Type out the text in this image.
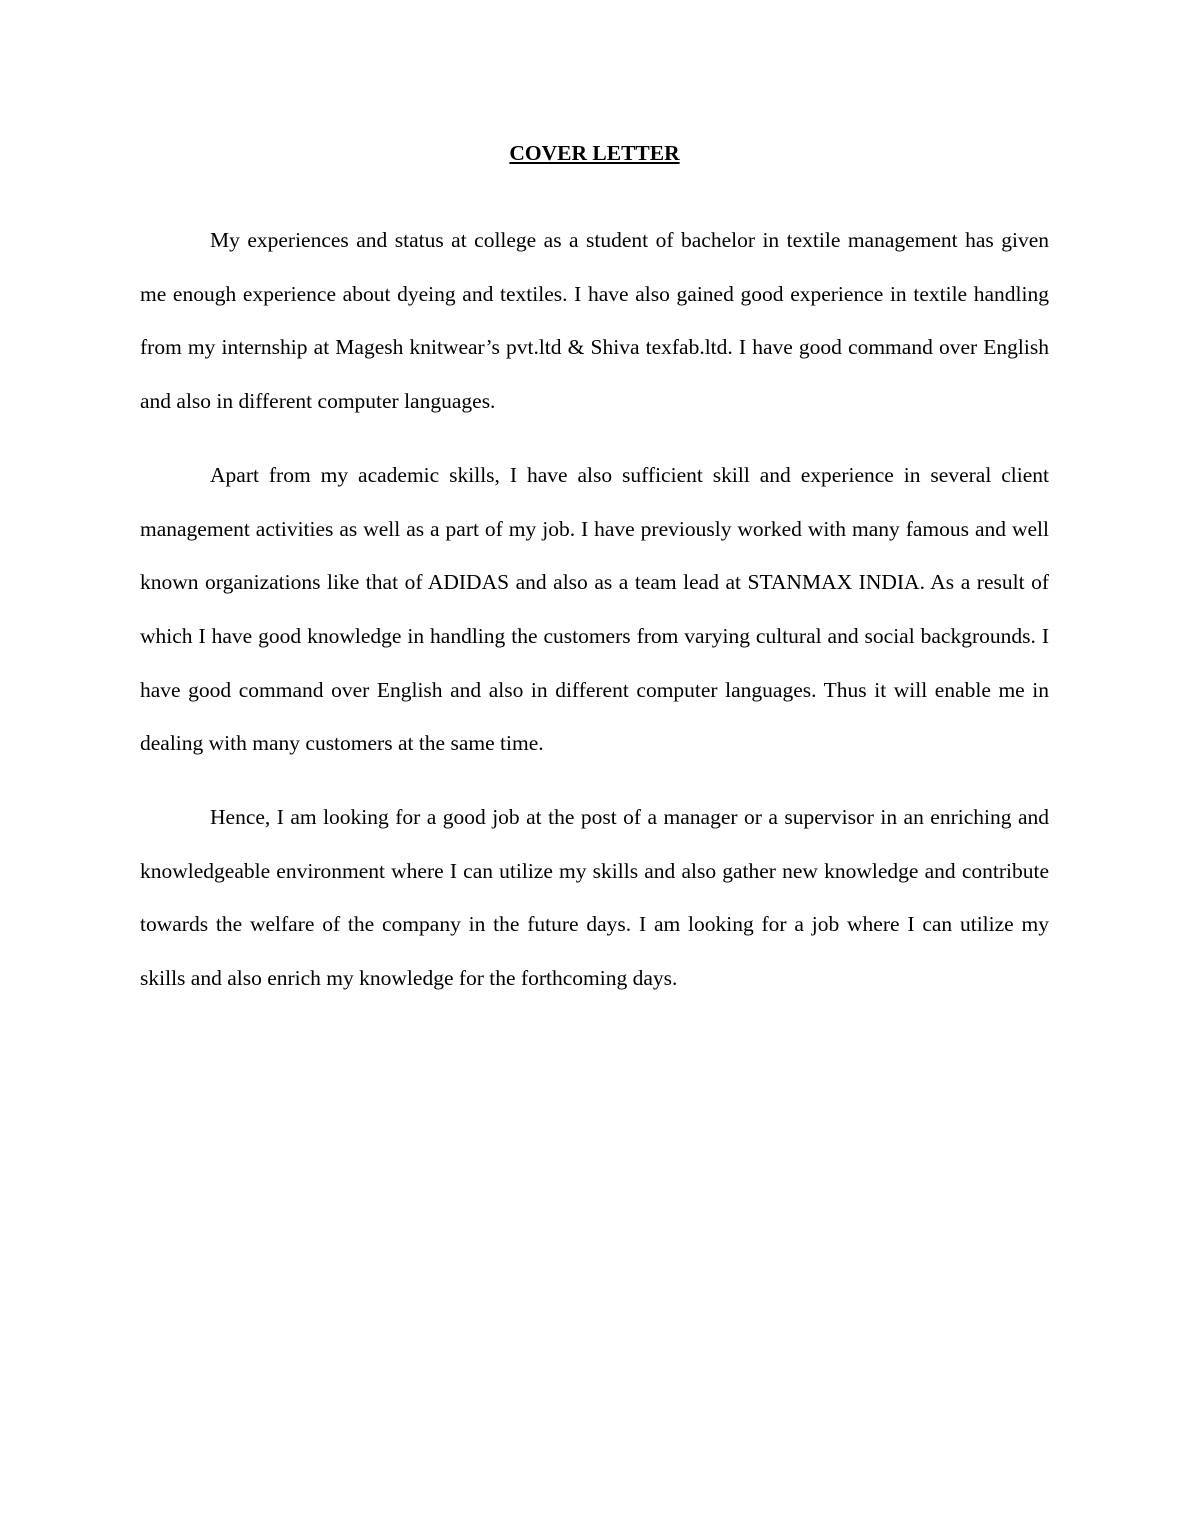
COVER LETTER

My experiences and status at college as a student of bachelor in textile management has given me enough experience about dyeing and textiles. I have also gained good experience in textile handling from my internship at Magesh knitwear’s pvt.ltd & Shiva texfab.ltd. I have good command over English and also in different computer languages.

Apart from my academic skills, I have also sufficient skill and experience in several client management activities as well as a part of my job. I have previously worked with many famous and well known organizations like that of ADIDAS and also as a team lead at STANMAX INDIA. As a result of which I have good knowledge in handling the customers from varying cultural and social backgrounds. I have good command over English and also in different computer languages. Thus it will enable me in dealing with many customers at the same time.

Hence, I am looking for a good job at the post of a manager or a supervisor in an enriching and knowledgeable environment where I can utilize my skills and also gather new knowledge and contribute towards the welfare of the company in the future days. I am looking for a job where I can utilize my skills and also enrich my knowledge for the forthcoming days.
